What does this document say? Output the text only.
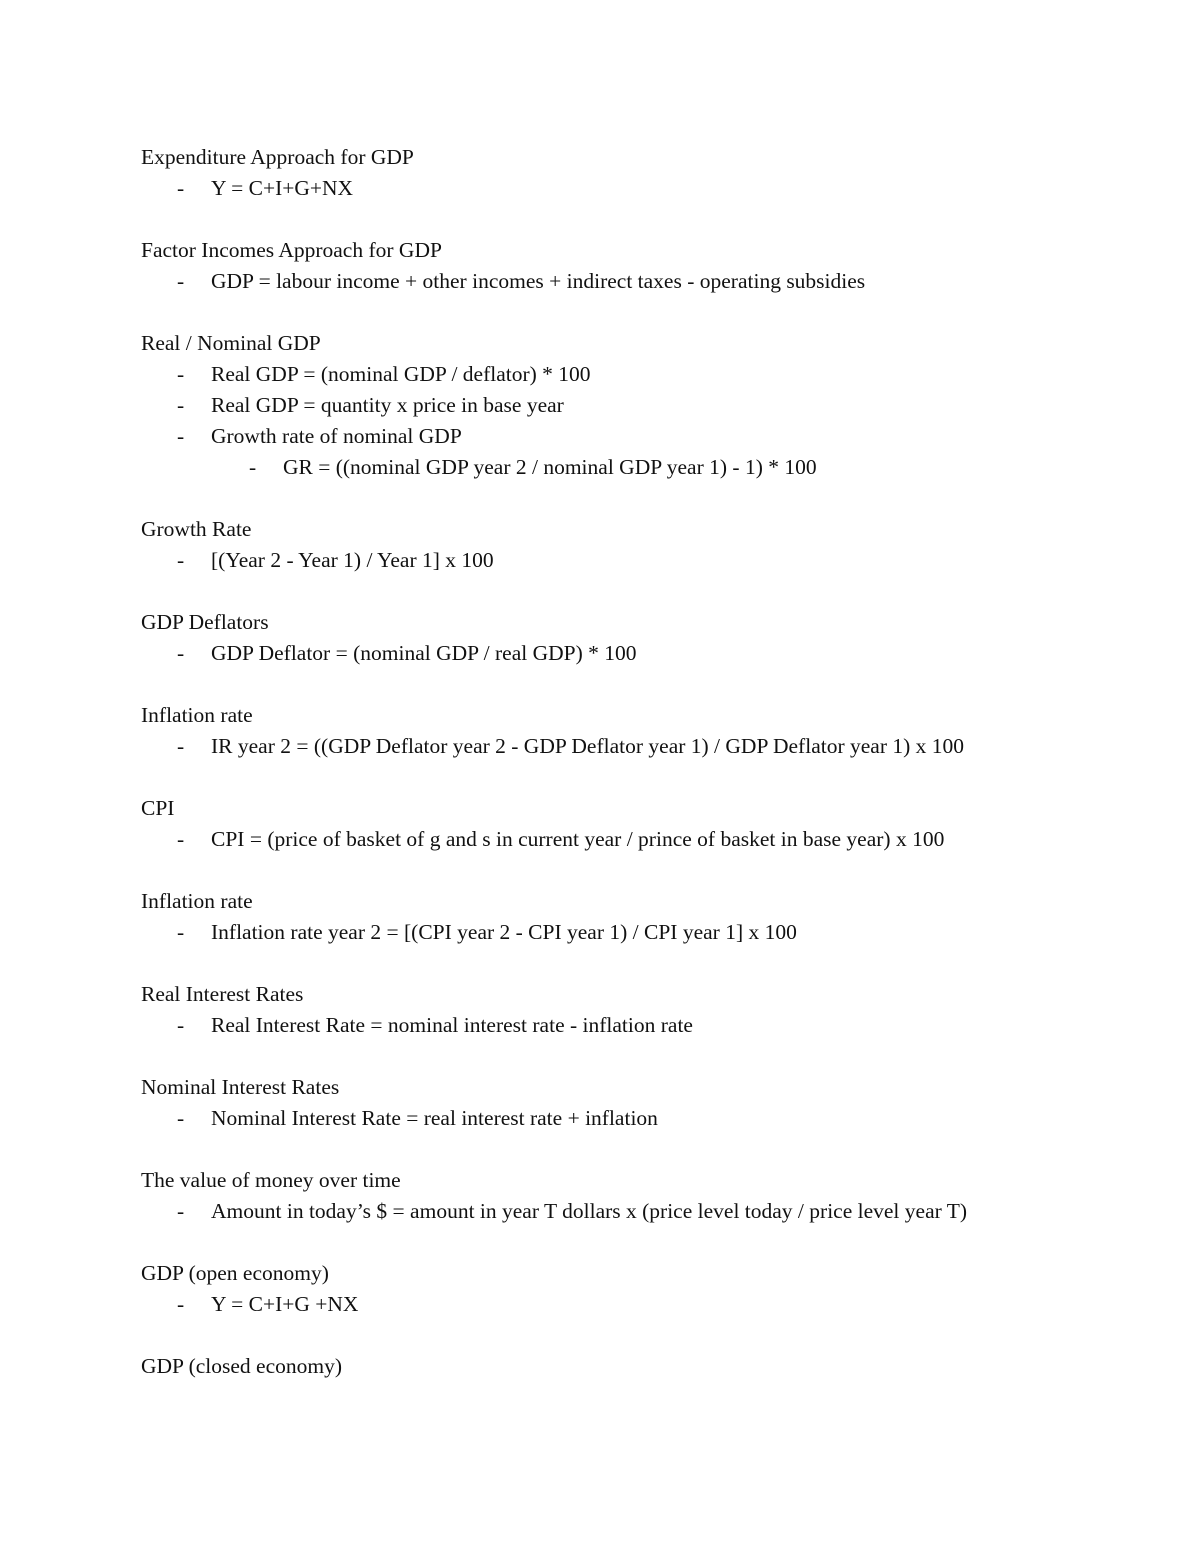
Expenditure Approach for GDP
- Y = C+I+G+NX
Factor Incomes Approach for GDP
- GDP = labour income + other incomes + indirect taxes - operating subsidies
Real / Nominal GDP
- Real GDP = (nominal GDP / deflator) * 100
- Real GDP = quantity x price in base year
- Growth rate of nominal GDP
- GR = ((nominal GDP year 2 / nominal GDP year 1) - 1) * 100
Growth Rate
- [(Year 2 - Year 1) / Year 1] x 100
GDP Deflators
- GDP Deflator = (nominal GDP / real GDP) * 100
Inflation rate
- IR year 2 = ((GDP Deflator year 2 - GDP Deflator year 1) / GDP Deflator year 1) x 100
CPI
- CPI = (price of basket of g and s in current year / prince of basket in base year) x 100
Inflation rate
- Inflation rate year 2 = [(CPI year 2 - CPI year 1) / CPI year 1] x 100
Real Interest Rates
- Real Interest Rate = nominal interest rate - inflation rate
Nominal Interest Rates
- Nominal Interest Rate = real interest rate + inflation
The value of money over time
- Amount in today’s $ = amount in year T dollars x (price level today / price level year T)
GDP (open economy)
- Y = C+I+G +NX
GDP (closed economy)
